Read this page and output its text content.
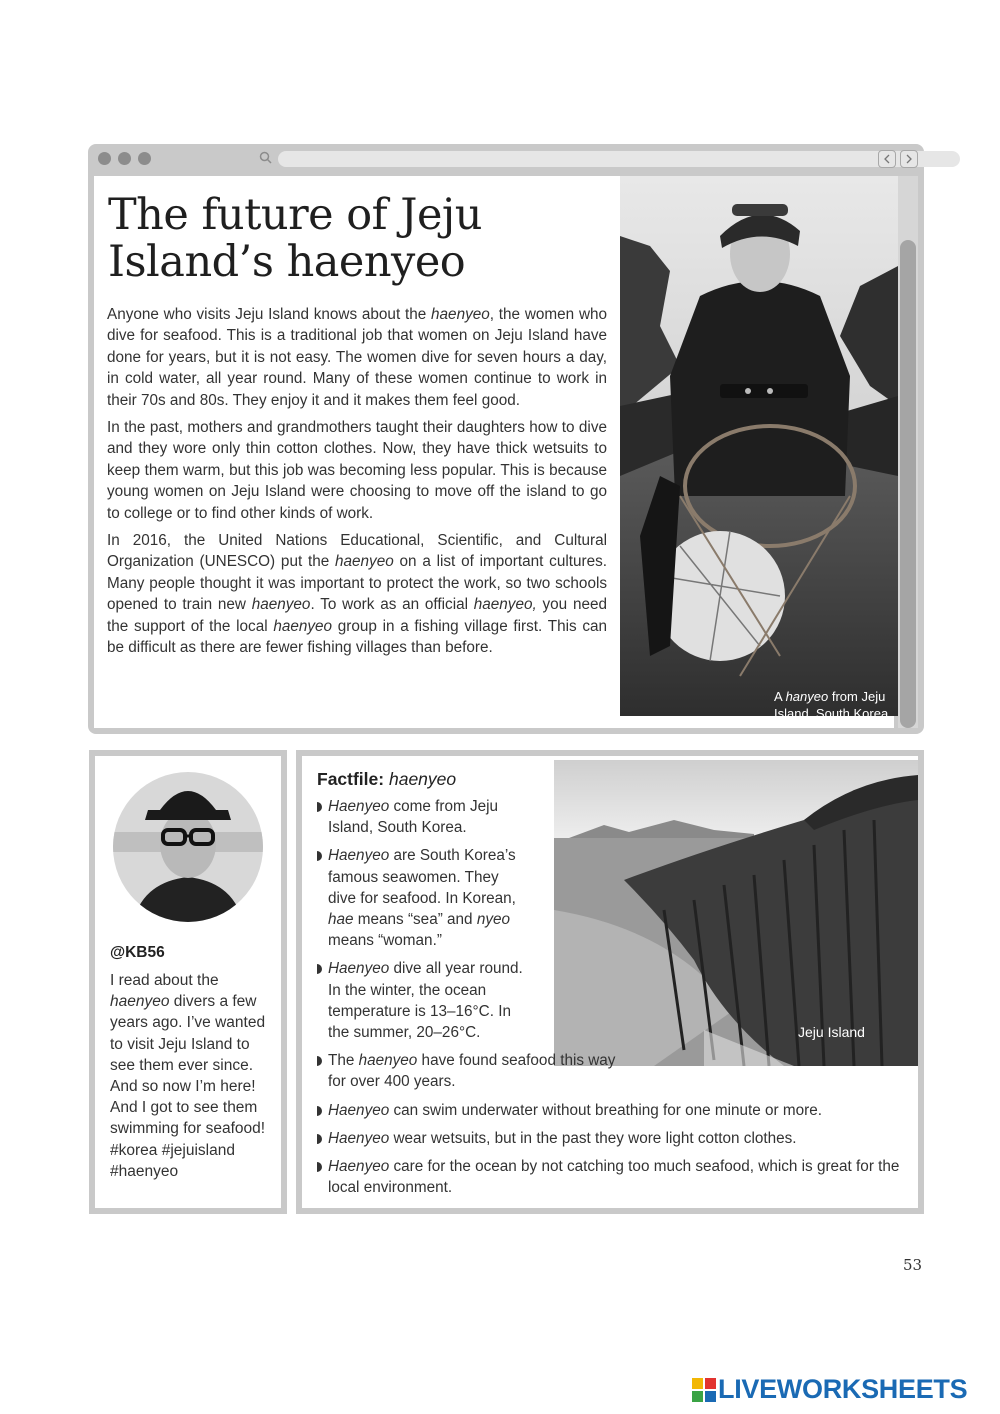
The future of Jeju Island’s haenyeo

Anyone who visits Jeju Island knows about the haenyeo, the women who dive for seafood. This is a traditional job that women on Jeju Island have done for years, but it is not easy. The women dive for seven hours a day, in cold water, all year round. Many of these women continue to work in their 70s and 80s. They enjoy it and it makes them feel good.

In the past, mothers and grandmothers taught their daughters how to dive and they wore only thin cotton clothes. Now, they have thick wetsuits to keep them warm, but this job was becoming less popular. This is because young women on Jeju Island were choosing to move off the island to go to college or to find other kinds of work.

In 2016, the United Nations Educational, Scientific, and Cultural Organization (UNESCO) put the haenyeo on a list of important cultures. Many people thought it was important to protect the work, so two schools opened to train new haenyeo. To work as an official haenyeo, you need the support of the local haenyeo group in a fishing village first. This can be difficult as there are fewer fishing villages than before.

A hanyeo from Jeju Island, South Korea
@KB56

I read about the haenyeo divers a few years ago. I’ve wanted to visit Jeju Island to see them ever since. And so now I’m here! And I got to see them swimming for seafood! #korea #jejuisland #haenyeo

Factfile: haenyeo
Jeju Island
Haenyeo come from Jeju Island, South Korea.
Haenyeo are South Korea’s famous seawomen. They dive for seafood. In Korean, hae means “sea” and nyeo means “woman.”
Haenyeo dive all year round. In the winter, the ocean temperature is 13–16°C. In the summer, 20–26°C.
The haenyeo have found seafood this way for over 400 years.
Haenyeo can swim underwater without breathing for one minute or more.
Haenyeo wear wetsuits, but in the past they wore light cotton clothes.
Haenyeo care for the ocean by not catching too much seafood, which is great for the local environment.
53
LIVEWORKSHEETS
